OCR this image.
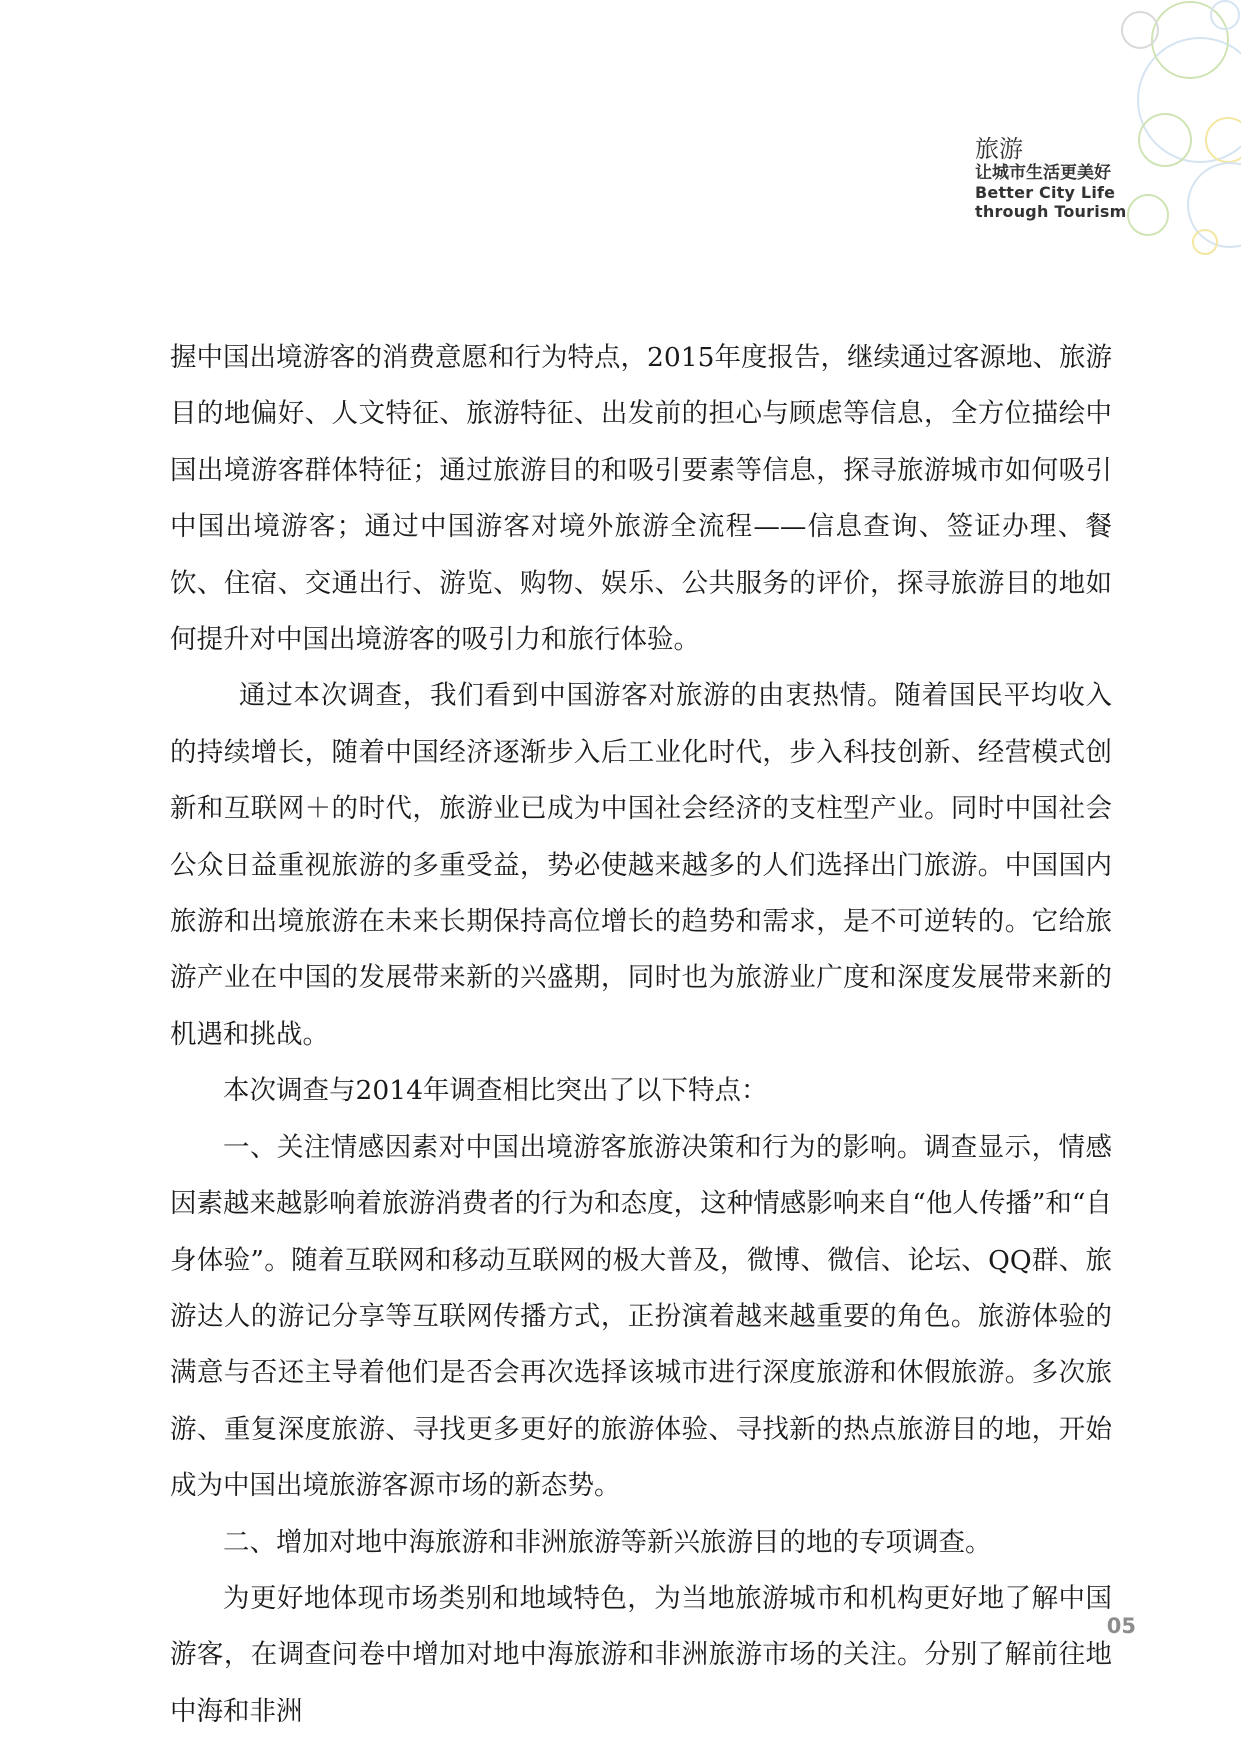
旅游
让城市生活更美好
Better City Life
through Tourism

握中国出境游客的消费意愿和行为特点，2015年度报告，继续通过客源地、旅游目的地偏好、人文特征、旅游特征、出发前的担心与顾虑等信息，全方位描绘中国出境游客群体特征；通过旅游目的和吸引要素等信息，探寻旅游城市如何吸引中国出境游客；通过中国游客对境外旅游全流程——信息查询、签证办理、餐饮、住宿、交通出行、游览、购物、娱乐、公共服务的评价，探寻旅游目的地如何提升对中国出境游客的吸引力和旅行体验。

通过本次调查，我们看到中国游客对旅游的由衷热情。随着国民平均收入的持续增长，随着中国经济逐渐步入后工业化时代，步入科技创新、经营模式创新和互联网＋的时代，旅游业已成为中国社会经济的支柱型产业。同时中国社会公众日益重视旅游的多重受益，势必使越来越多的人们选择出门旅游。中国国内旅游和出境旅游在未来长期保持高位增长的趋势和需求，是不可逆转的。它给旅游产业在中国的发展带来新的兴盛期，同时也为旅游业广度和深度发展带来新的机遇和挑战。

本次调查与2014年调查相比突出了以下特点：

一、关注情感因素对中国出境游客旅游决策和行为的影响。调查显示，情感因素越来越影响着旅游消费者的行为和态度，这种情感影响来自“他人传播”和“自身体验”。随着互联网和移动互联网的极大普及，微博、微信、论坛、QQ群、旅游达人的游记分享等互联网传播方式，正扮演着越来越重要的角色。旅游体验的满意与否还主导着他们是否会再次选择该城市进行深度旅游和休假旅游。多次旅游、重复深度旅游、寻找更多更好的旅游体验、寻找新的热点旅游目的地，开始成为中国出境旅游客源市场的新态势。

二、增加对地中海旅游和非洲旅游等新兴旅游目的地的专项调查。

为更好地体现市场类别和地域特色，为当地旅游城市和机构更好地了解中国游客，在调查问卷中增加对地中海旅游和非洲旅游市场的关注。分别了解前往地中海和非洲

05
